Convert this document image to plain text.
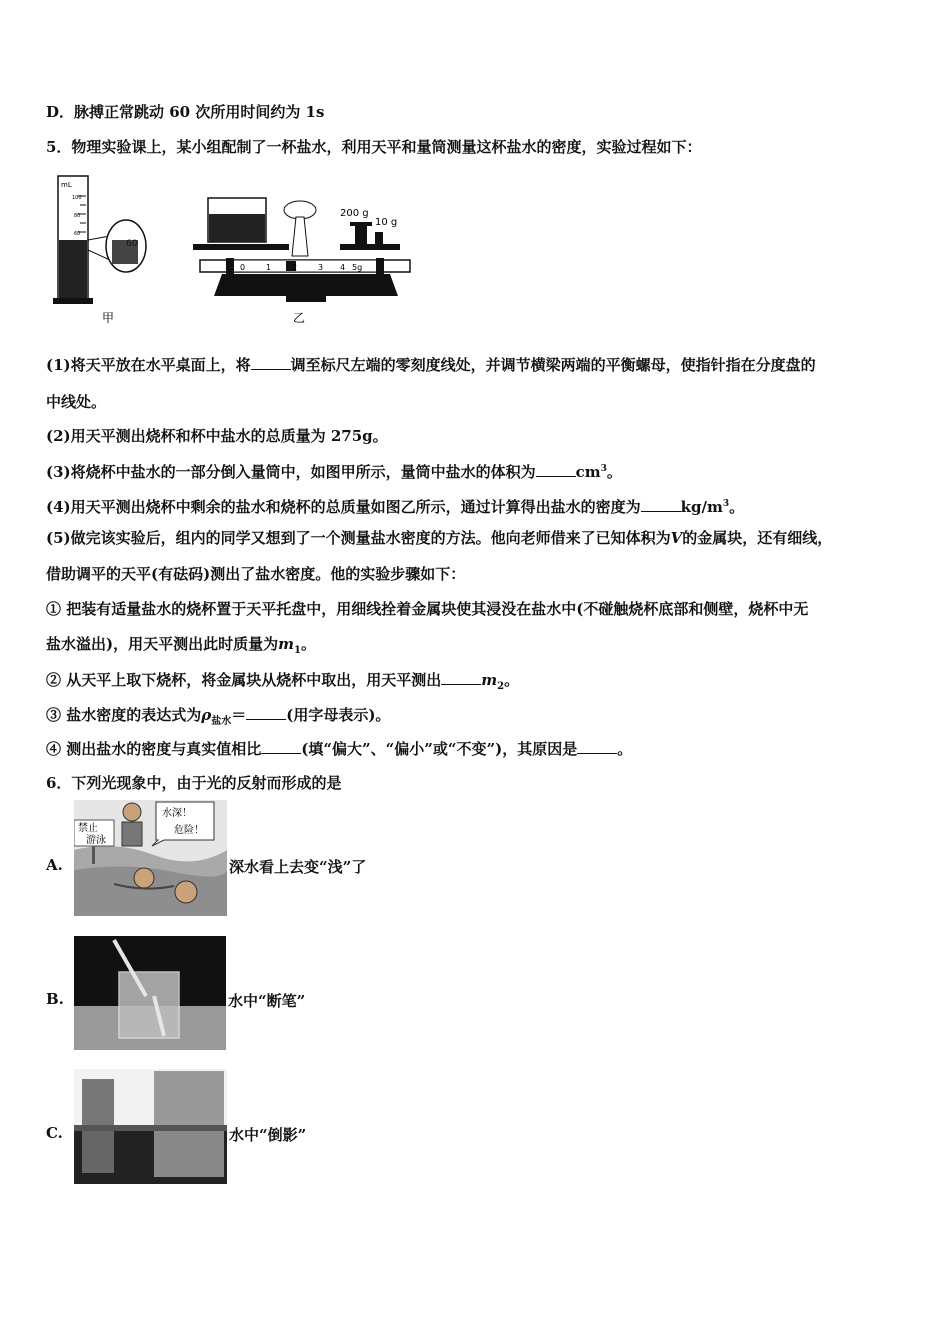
D．脉搏正常跳动 60 次所用时间约为 1s
5．物理实验课上，某小组配制了一杯盐水，利用天平和量筒测量这杯盐水的密度，实验过程如下：
mL
100
80
60
60
甲
200 g
10 g
0	1	2	3 4 5g
乙
(1)将天平放在水平桌面上，将	调至标尺左端的零刻度线处，并调节横梁两端的平衡螺母，使指针指在分度盘的
中线处。
(2)用天平测出烧杯和杯中盐水的总质量为 275g。
(3)将烧杯中盐水的一部分倒入量筒中，如图甲所示，量筒中盐水的体积为	$cm^3$。
(4)用天平测出烧杯中剩余的盐水和烧杯的总质量如图乙所示，通过计算得出盐水的密度为	$kg/m^3$。
(5)做完该实验后，组内的同学又想到了一个测量盐水密度的方法。他向老师借来了已知体积为V的金属块，还有细线，
借助调平的天平(有砝码)测出了盐水密度。他的实验步骤如下：
① 把装有适量盐水的烧杯置于天平托盘中，用细线拴着金属块使其浸没在盐水中(不碰触烧杯底部和侧壁，烧杯中无
盐水溢出)，用天平测出此时质量为$m_1$。
② 从天平上取下烧杯，将金属块从烧杯中取出，用天平测出	$m_2$。
③ 盐水密度的表达式为$\rho_{盐水}=$	(用字母表示)。
④ 测出盐水的密度与真实值相比	(填“偏大”、“偏小”或“不变”)，其原因是	。
6．下列光现象中，由于光的反射而形成的是
A.
禁止
游泳
水深！
危险！
深水看上去变“浅”了
B.	水中“断笔”
C.	水中“倒影”
